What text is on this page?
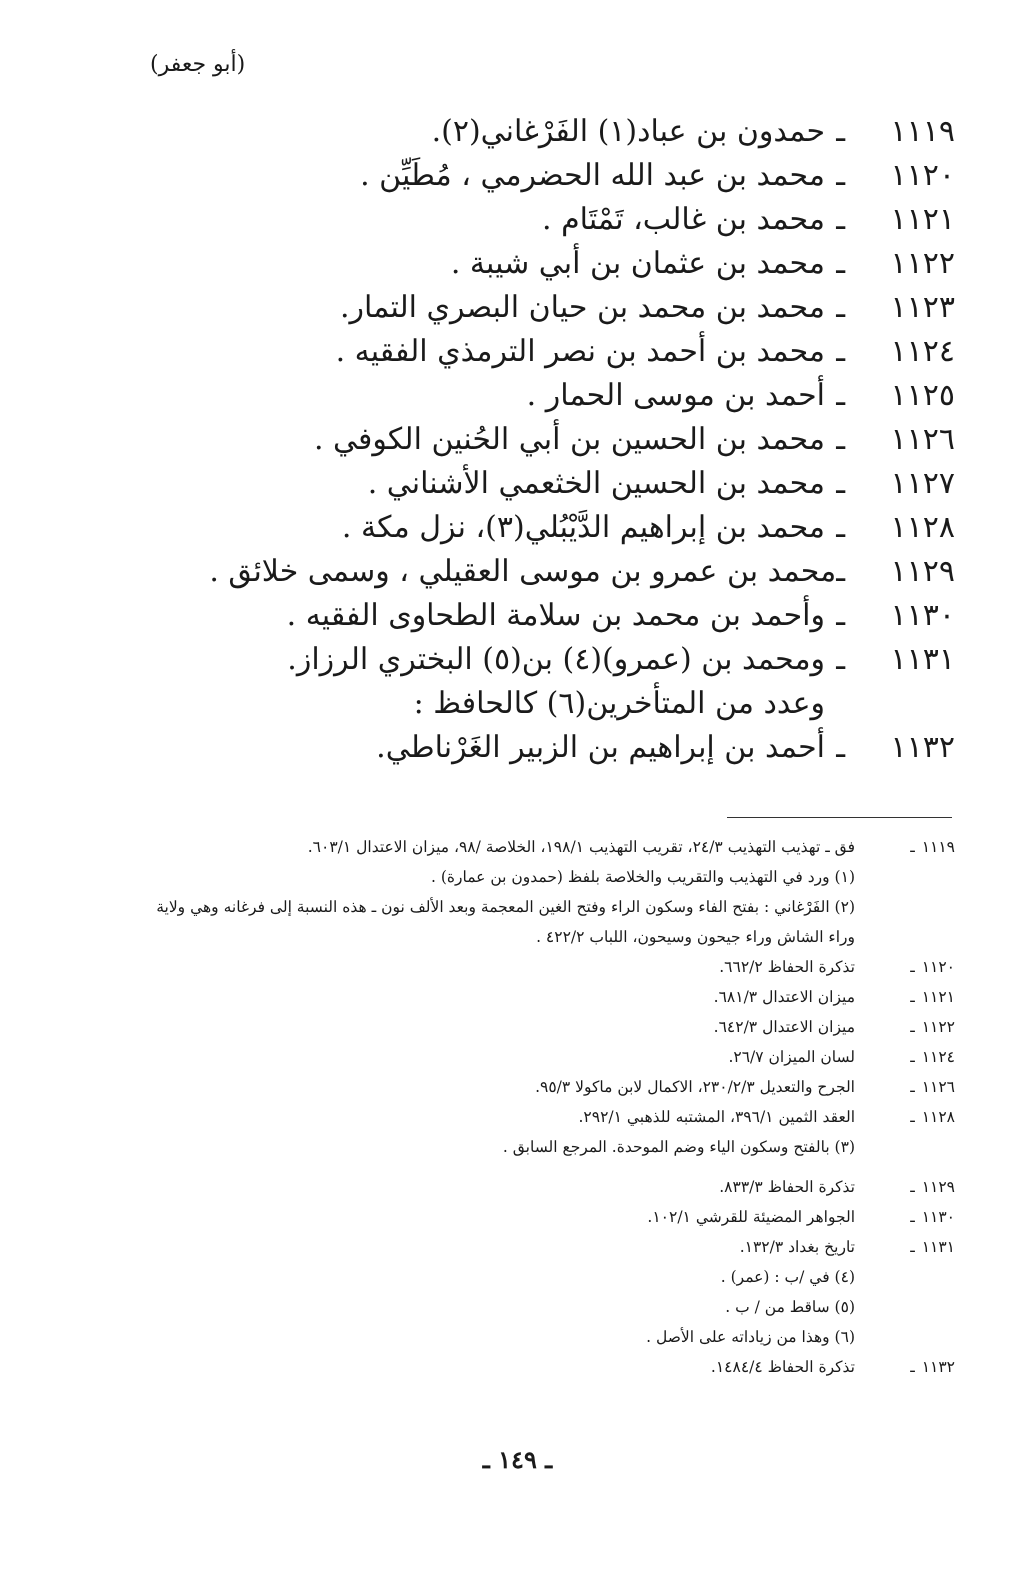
(أبو جعفر)
١١١٩
ـ
حمدون بن عباد(١) الفَرْغاني(٢).
١١٢٠
ـ
محمد بن عبد الله الحضرمي ، مُطَيِّن .
١١٢١
ـ
محمد بن غالب، تَمْتَام .
١١٢٢
ـ
محمد بن عثمان بن أبي شيبة .
١١٢٣
ـ
محمد بن محمد بن حيان البصري التمار.
١١٢٤
ـ
محمد بن أحمد بن نصر الترمذي الفقيه .
١١٢٥
ـ
أحمد بن موسى الحمار .
١١٢٦
ـ
محمد بن الحسين بن أبي الحُنين الكوفي .
١١٢٧
ـ
محمد بن الحسين الخثعمي الأشناني .
١١٢٨
ـ
محمد بن إبراهيم الدَّيْبُلي(٣)، نزل مكة .
١١٢٩
ـ
محمد بن عمرو بن موسى العقيلي ، وسمى خلائق .
١١٣٠
ـ
وأحمد بن محمد بن سلامة الطحاوى الفقيه .
١١٣١
ـ
ومحمد بن (عمرو)(٤) بن(٥) البختري الرزاز.
وعدد من المتأخرين(٦) كالحافظ :
١١٣٢
ـ
أحمد بن إبراهيم بن الزبير الغَرْناطي.
١١١٩ ـ
فق ـ تهذيب التهذيب ٢٤/٣، تقريب التهذيب ١٩٨/١، الخلاصة /٩٨، ميزان الاعتدال ٦٠٣/١.
(١) ورد في التهذيب والتقريب والخلاصة بلفظ (حمدون بن عمارة) .
(٢) الفَرْغاني : بفتح الفاء وسكون الراء وفتح الغين المعجمة وبعد الألف نون ـ هذه النسبة إلى فرغانه وهي ولاية وراء الشاش وراء جيحون وسيحون، اللباب ٤٢٢/٢ .
١١٢٠ ـ
تذكرة الحفاظ ٦٦٢/٢.
١١٢١ ـ
ميزان الاعتدال ٦٨١/٣.
١١٢٢ ـ
ميزان الاعتدال ٦٤٢/٣.
١١٢٤ ـ
لسان الميزان ٢٦/٧.
١١٢٦ ـ
الجرح والتعديل ٢٣٠/٢/٣، الاكمال لابن ماكولا ٩٥/٣.
١١٢٨ ـ
العقد الثمين ٣٩٦/١، المشتبه للذهبي ٢٩٢/١.
(٣) بالفتح وسكون الياء وضم الموحدة. المرجع السابق .
١١٢٩ ـ
تذكرة الحفاظ ٨٣٣/٣.
١١٣٠ ـ
الجواهر المضيئة للقرشي ١٠٢/١.
١١٣١ ـ
تاريخ بغداد ١٣٢/٣.
(٤) في /ب : (عمر) .
(٥) ساقط من / ب .
(٦) وهذا من زياداته على الأصل .
١١٣٢ ـ
تذكرة الحفاظ ١٤٨٤/٤.
ـ ١٤٩ ـ
